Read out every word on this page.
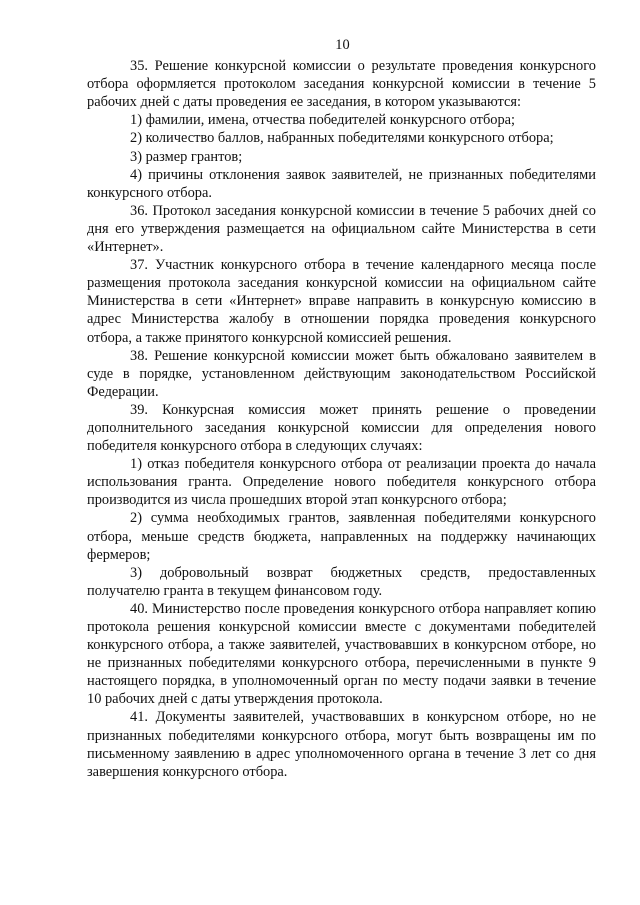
10

35. Решение конкурсной комиссии о результате проведения конкурсного отбора оформляется протоколом заседания конкурсной комиссии в течение 5 рабочих дней с даты проведения ее заседания, в котором указываются:

1) фамилии, имена, отчества победителей конкурсного отбора;

2) количество баллов, набранных победителями конкурсного отбора;

3) размер грантов;

4) причины отклонения заявок заявителей, не признанных победителями конкурсного отбора.

36. Протокол заседания конкурсной комиссии в течение 5 рабочих дней со дня его утверждения размещается на официальном сайте Министерства в сети «Интернет».

37. Участник конкурсного отбора в течение календарного месяца после размещения протокола заседания конкурсной комиссии на официальном сайте Министерства в сети «Интернет» вправе направить в конкурсную комиссию в адрес Министерства жалобу в отношении порядка проведения конкурсного отбора, а также принятого конкурсной комиссией решения.

38. Решение конкурсной комиссии может быть обжаловано заявителем в суде в порядке, установленном действующим законодательством Российской Федерации.

39. Конкурсная комиссия может принять решение о проведении дополнительного заседания конкурсной комиссии для определения нового победителя конкурсного отбора в следующих случаях:

1) отказ победителя конкурсного отбора от реализации проекта до начала использования гранта. Определение нового победителя конкурсного отбора производится из числа прошедших второй этап конкурсного отбора;

2) сумма необходимых грантов, заявленная победителями конкурсного отбора, меньше средств бюджета, направленных на поддержку начинающих фермеров;

3) добровольный возврат бюджетных средств, предоставленных получателю гранта в текущем финансовом году.

40. Министерство после проведения конкурсного отбора направляет копию протокола решения конкурсной комиссии вместе с документами победителей конкурсного отбора, а также заявителей, участвовавших в конкурсном отборе, но не признанных победителями конкурсного отбора, перечисленными в пункте 9 настоящего порядка, в уполномоченный орган по месту подачи заявки в течение 10 рабочих дней с даты утверждения протокола.

41. Документы заявителей, участвовавших в конкурсном отборе, но не признанных победителями конкурсного отбора, могут быть возвращены им по письменному заявлению в адрес уполномоченного органа в течение 3 лет со дня завершения конкурсного отбора.
